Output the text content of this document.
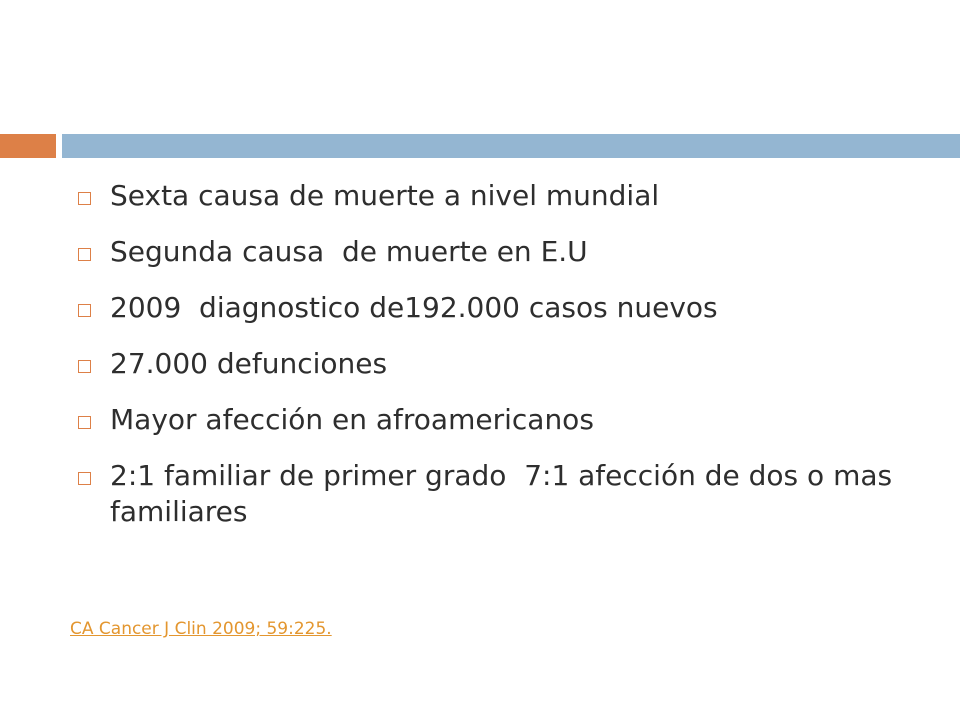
Sexta causa de muerte a nivel mundial
Segunda causa  de muerte en E.U
2009  diagnostico de192.000 casos nuevos
27.000 defunciones
Mayor afección en afroamericanos
2:1 familiar de primer grado  7:1 afección de dos o mas familiares
CA Cancer J Clin 2009; 59:225.
